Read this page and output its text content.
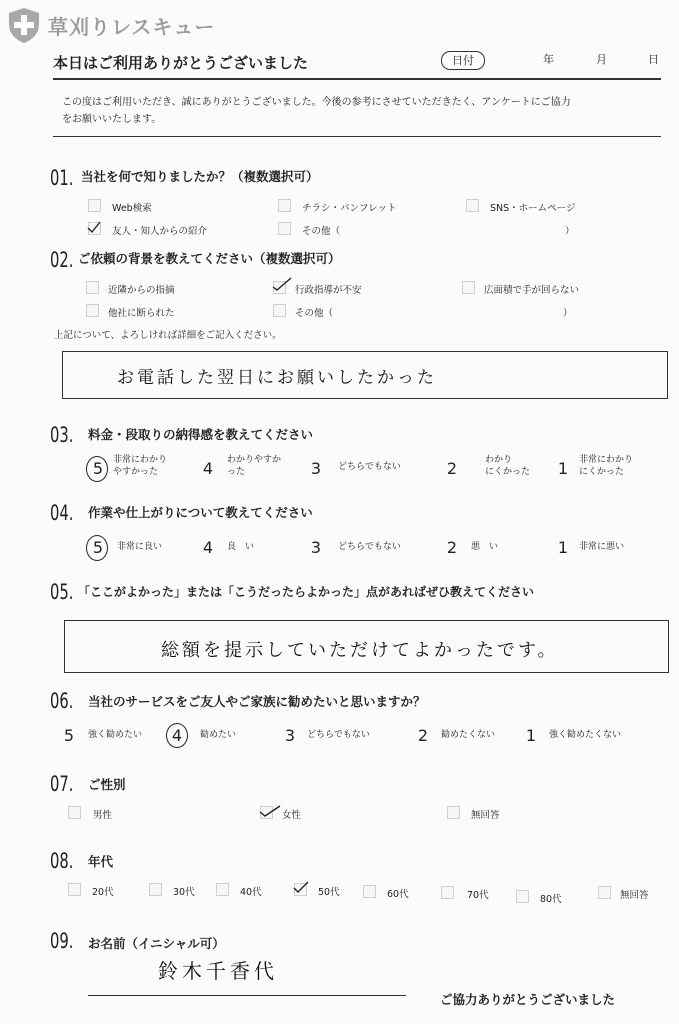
草刈りレスキュー
本日はご利用ありがとうございました	日付	年	月	日
この度はご利用いただき、誠にありがとうございました。今後の参考にさせていただきたく、アンケートにご協力
をお願いいたします。
01. 当社を何で知りましたか？（複数選択可）
Web検索	チラシ・パンフレット	SNS・ホームページ
友人・知人からの紹介	その他（	）
02. ご依頼の背景を教えてください（複数選択可）
近隣からの指摘	行政指導が不安	広面積で手が回らない
他社に断られた	その他（	）
上記について、よろしければ詳細をご記入ください。
お電話した翌日にお願いしたかった
03. 料金・段取りの納得感を教えてください
5	非常にわかり
やすかった	4	わかりやすか
った	3	どちらでもない	2	わかり
にくかった	1	非常にわかり
にくかった
04. 作業や仕上がりについて教えてください
5	非常に良い	4	良　い	3	どちらでもない	2	悪　い	1	非常に悪い
05. 「ここがよかった」または「こうだったらよかった」点があればぜひ教えてください
総額を提示していただけてよかったです。
06. 当社のサービスをご友人やご家族に勧めたいと思いますか？
5	強く勧めたい	4	勧めたい	3	どちらでもない	2	勧めたくない	1	強く勧めたくない
07. ご性別
男性	女性	無回答
08. 年代
20代	30代	40代	50代	60代	70代	80代	無回答
09. お名前（イニシャル可）
鈴木千香代
ご協力ありがとうございました
